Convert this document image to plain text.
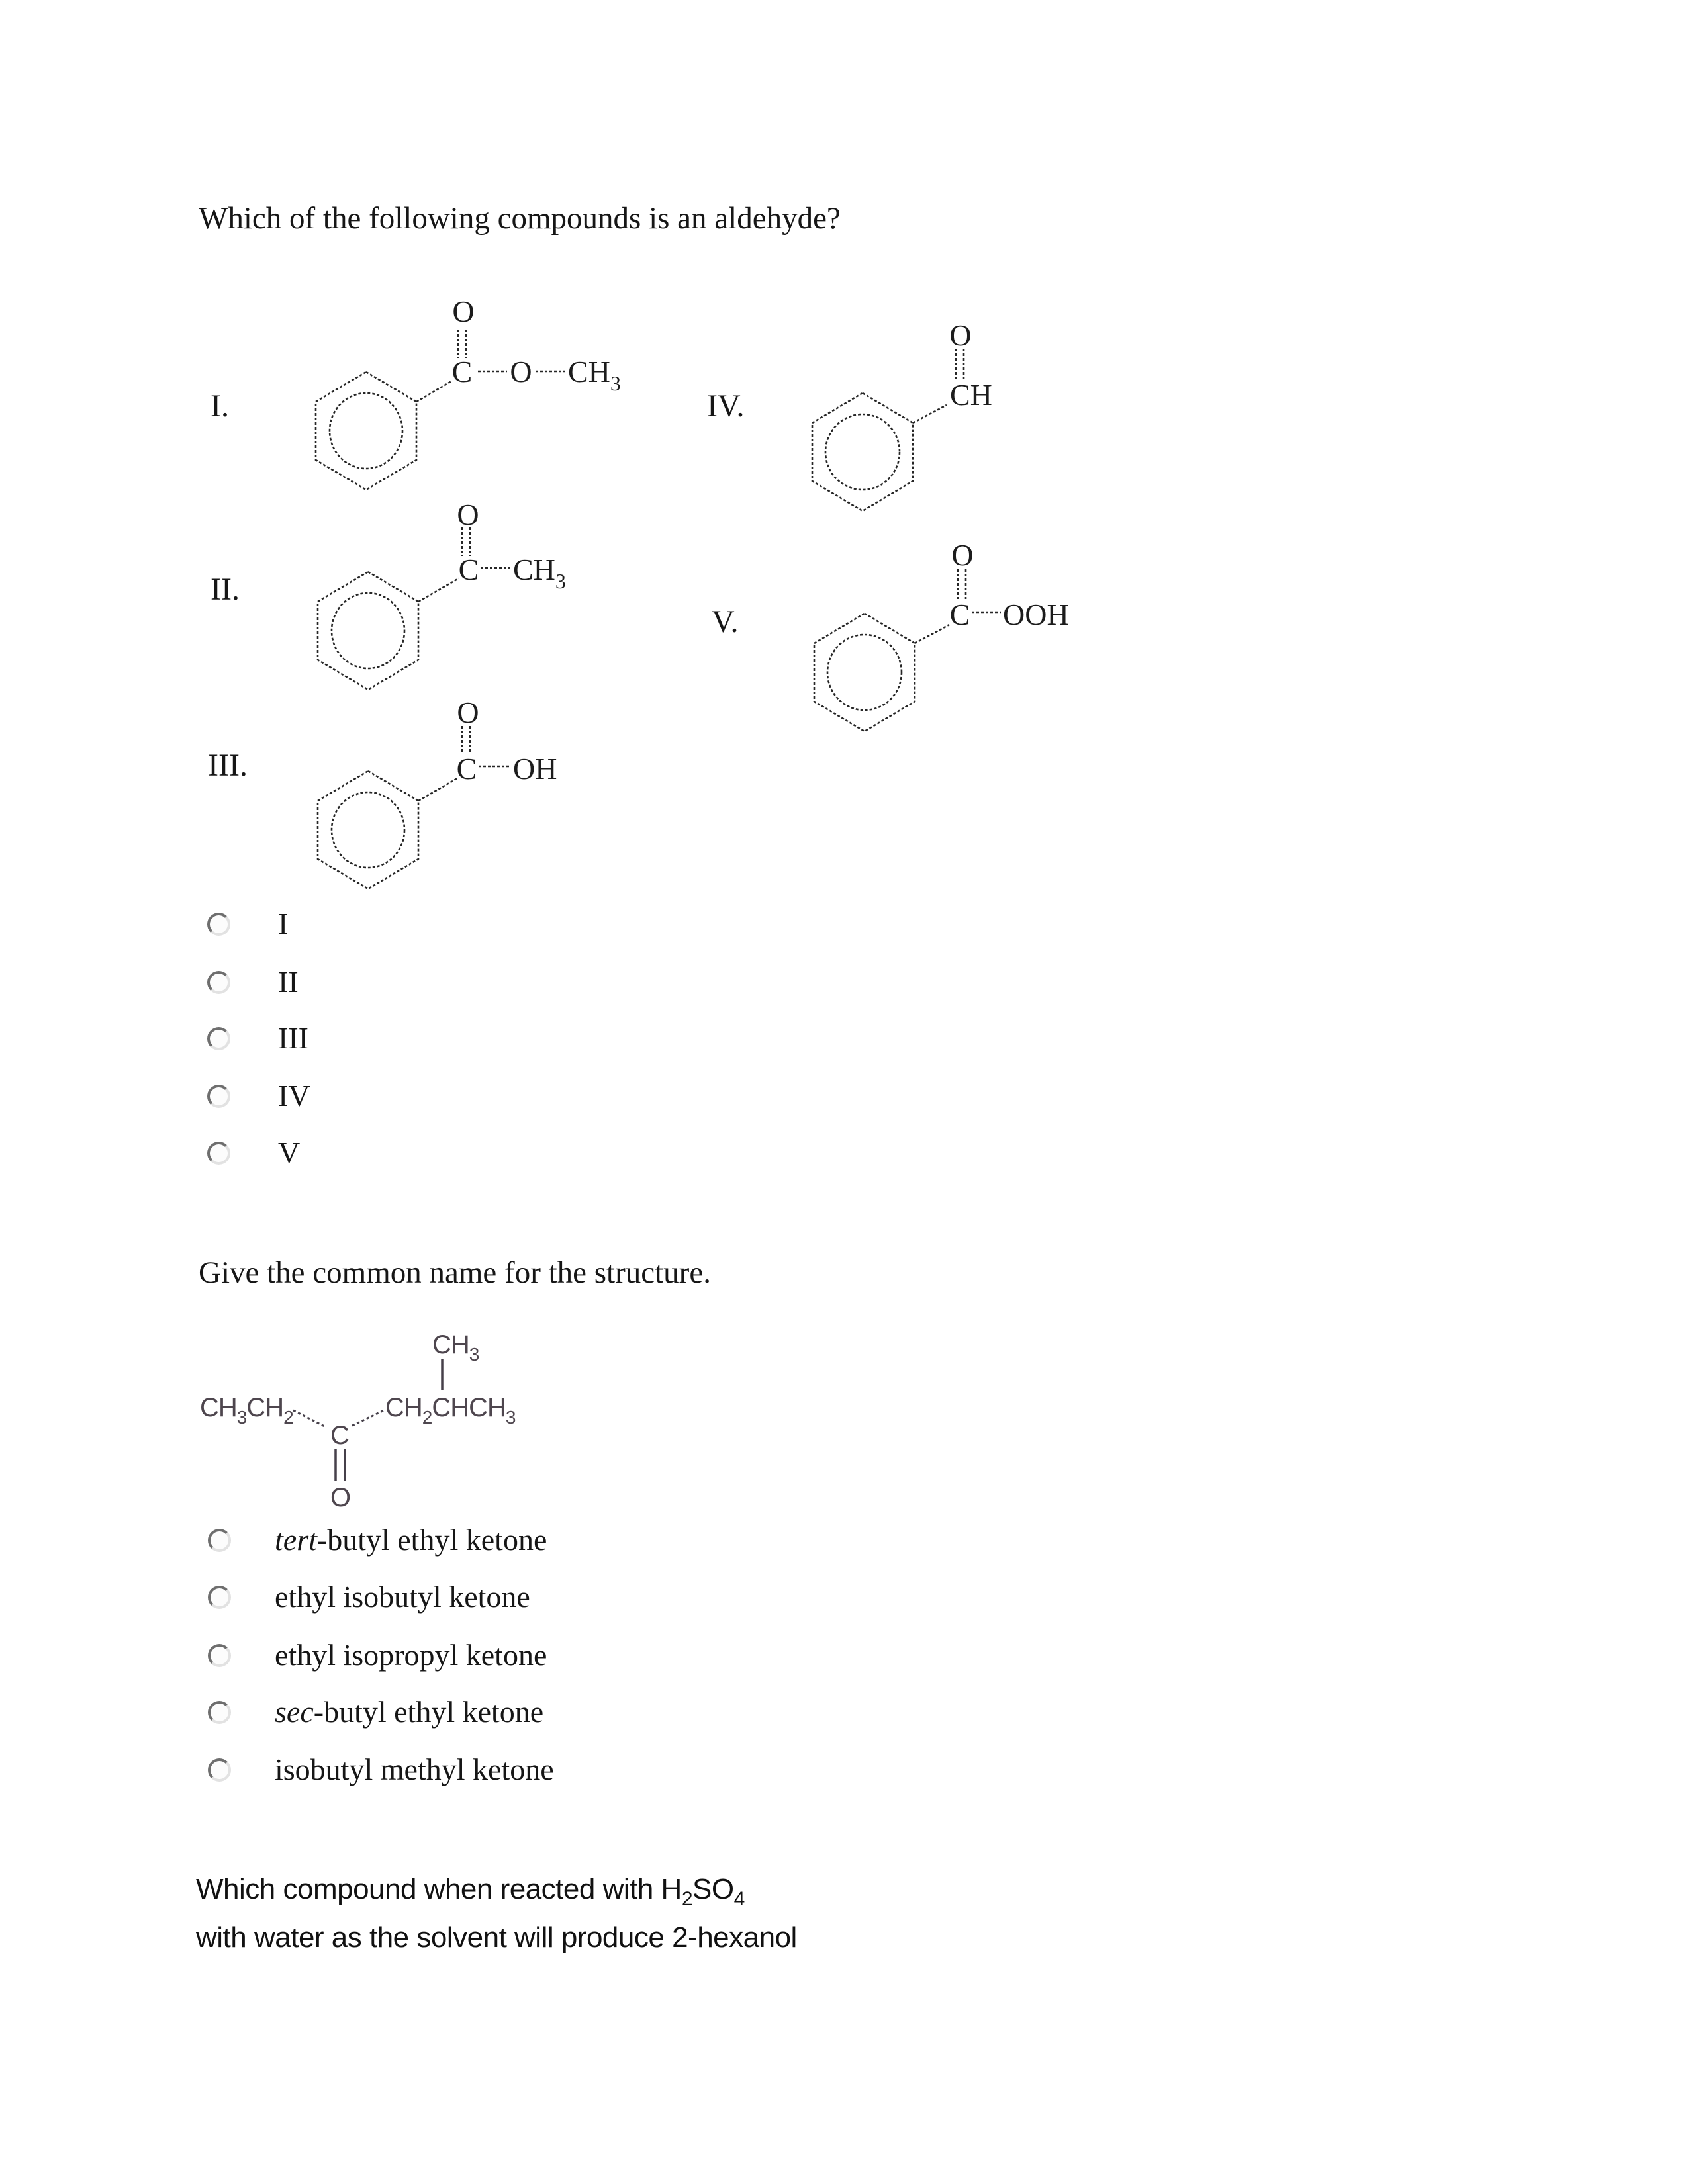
Which of the following compounds is an aldehyde?
I.
II.
III.
IV.
V.
O
C O $CH_3$
O
C $CH_3$
O
C OH
O
CH
O
C OOH
I
II
III
IV
V
Give the common name for the structure.
$CH_3$
$CH_3CH_2$
C
$CH_2CHCH_3$
O
tert-butyl ethyl ketone
ethyl isobutyl ketone
ethyl isopropyl ketone
sec-butyl ethyl ketone
isobutyl methyl ketone
Which compound when reacted with $H_2SO_4$
with water as the solvent will produce 2-hexanol
